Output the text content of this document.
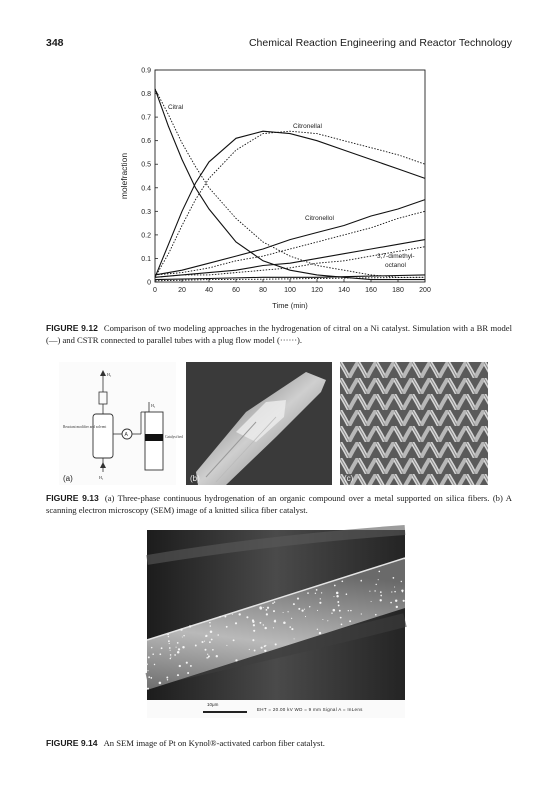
348	Chemical Reaction Engineering and Reactor Technology
0	20	40	60	80 100 120 140 160 180 200
0
0.1
0.2
0.3
0.4
0.5
0.6
0.7
0.8
0.9
molefraction
Time (min)
Citral
Citronellal
Citronellol
3,7-dimethyl-
octanol
FIGURE 9.12 Comparison of two modeling approaches in the hydrogenation of citral on a Ni catalyst. Simulation with a BR model (—) and CSTR connected to parallel tubes with a plug flow model (······).
H₂
Reactant modifier and solvent
A
H₂
Catalyst bed
H₂
(a)	(b)	(c)
FIGURE 9.13 (a) Three-phase continuous hydrogenation of an organic compound over a metal supported on silica fibers. (b) A scanning electron microscopy (SEM) image of a knitted silica fiber catalyst.
10μm
EHT = 20.00 kV WD = 9 mm Signal A = InLens
FIGURE 9.14 An SEM image of Pt on Kynol®-activated carbon fiber catalyst.
